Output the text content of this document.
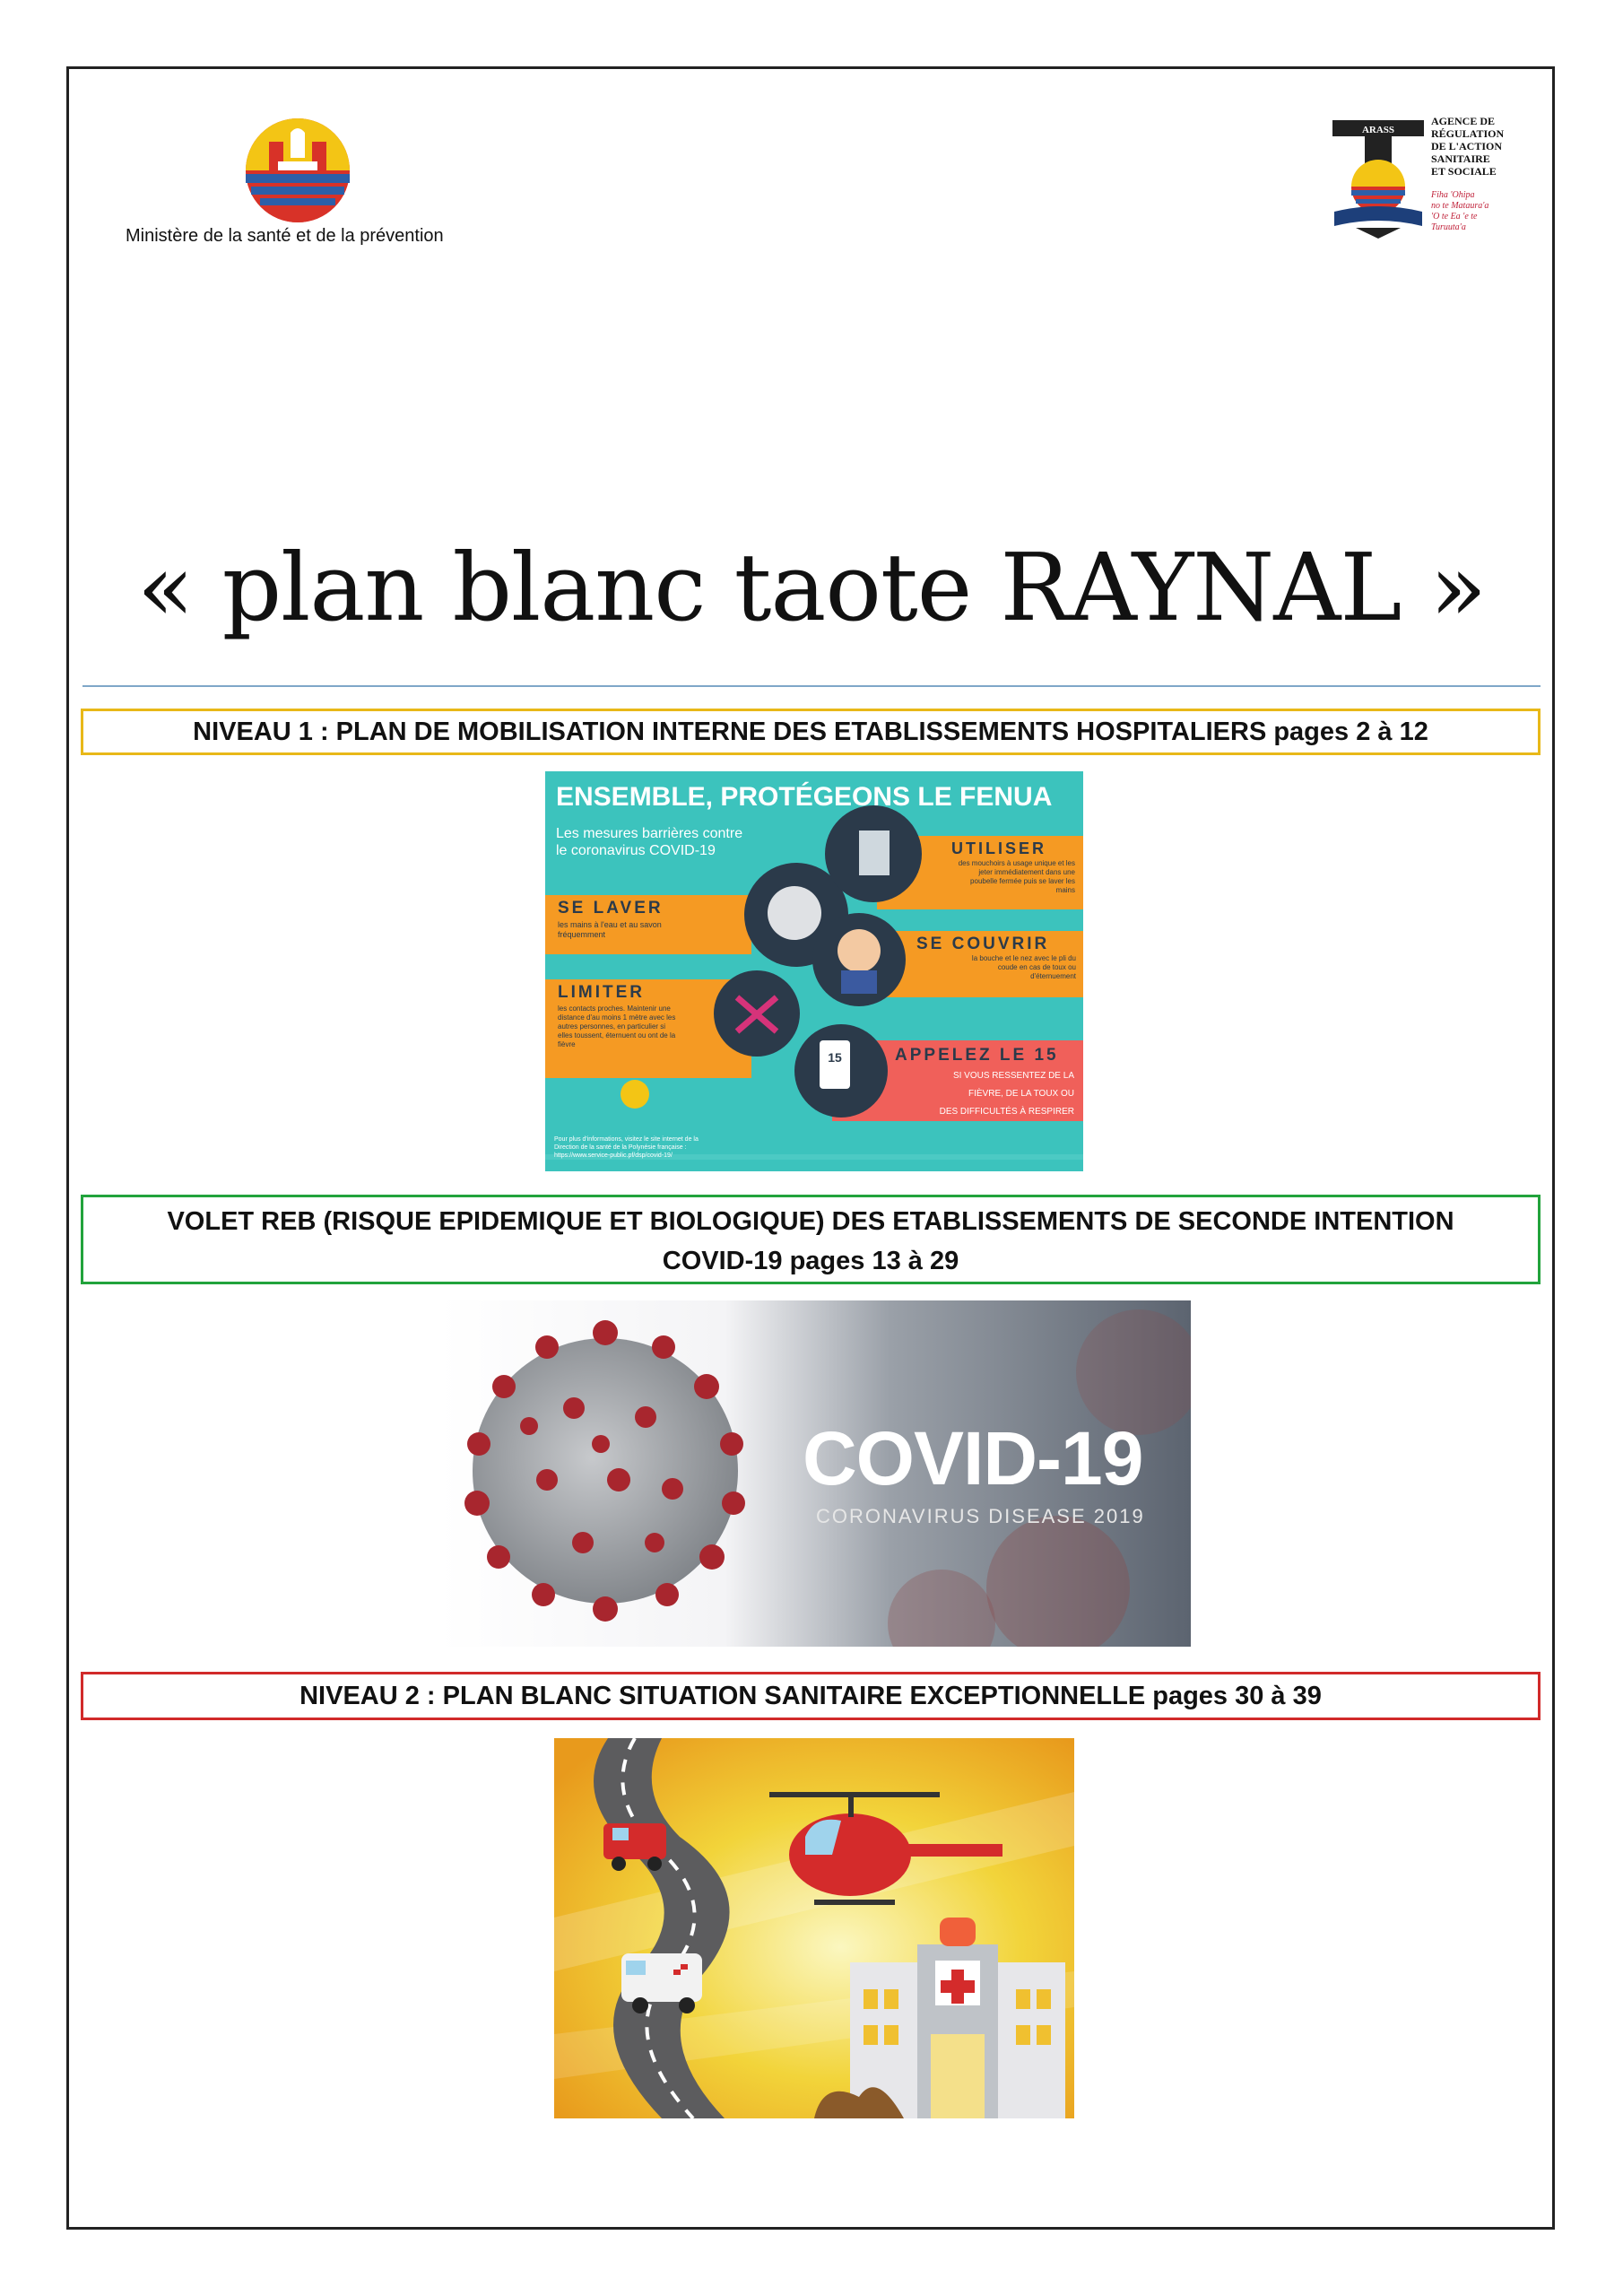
Ministère de la santé et de la prévention
ARASS
AGENCE DE
RÉGULATION
DE L'ACTION
SANITAIRE
ET SOCIALE
Fiha 'Ohipa
no te Mataura'a
'O te Ea 'e te
Turuuta'a
« plan blanc taote RAYNAL »
NIVEAU 1 : PLAN DE MOBILISATION INTERNE DES ETABLISSEMENTS HOSPITALIERS pages 2 à 12
15
ENSEMBLE, PROTÉGEONS LE FENUA
Les mesures barrières contre
le coronavirus COVID-19	UTILISER
des mouchoirs à usage unique et les
jeter immédiatement dans une
poubelle fermée puis se laver les
mains
SE LAVER
les mains à l'eau et au savon
fréquemment	SE COUVRIR
la bouche et le nez avec le pli du
coude en cas de toux ou
d'éternuement
LIMITER
les contacts proches. Maintenir une
distance d'au moins 1 mètre avec les
autres personnes, en particulier si
elles toussent, éternuent ou ont de la
fièvre
APPELEZ LE 15
SI VOUS RESSENTEZ DE LA
FIÈVRE, DE LA TOUX OU
DES DIFFICULTÉS À RESPIRER
Pour plus d'informations, visitez le site internet de la
Direction de la santé de la Polynésie française :
https://www.service-public.pf/dsp/covid-19/
VOLET REB (RISQUE EPIDEMIQUE ET BIOLOGIQUE) DES ETABLISSEMENTS DE SECONDE INTENTION
COVID-19 pages 13 à 29
COVID-19
CORONAVIRUS DISEASE 2019
NIVEAU 2 : PLAN BLANC SITUATION SANITAIRE EXCEPTIONNELLE pages 30 à 39
